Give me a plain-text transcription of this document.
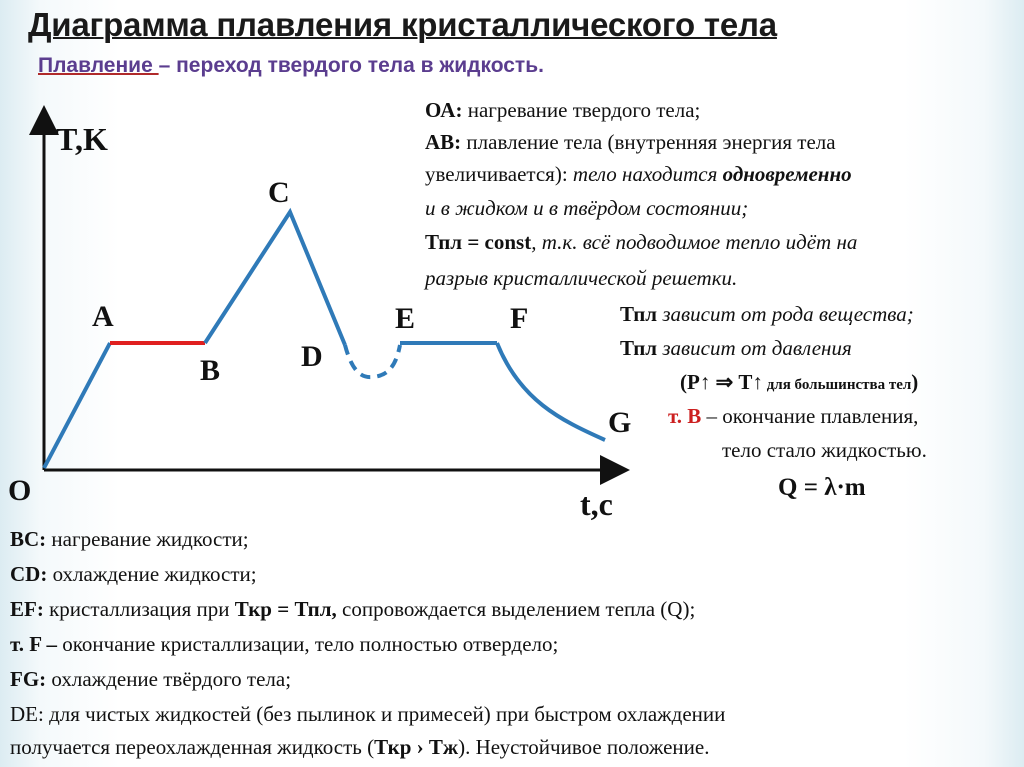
Диаграмма плавления кристаллического тела
Плавление – переход твердого тела в жидкость.
T,K
t,c
O
A
B
C
D
E	F
G
ОА: нагревание твердого тела;
АВ: плавление тела (внутренняя энергия тела
увеличивается): тело находится одновременно
и в жидком и в твёрдом состоянии;
Тпл = const, т.к. всё подводимое тепло идёт на
разрыв кристаллической решетки.
Тпл зависит от рода вещества;
Тпл зависит от давления
(Р↑ ⇒ Т↑ для большинства тел)
т. В – окончание плавления,
тело стало жидкостью.
Q = λ·m
ВС: нагревание жидкости;
CD: охлаждение жидкости;
EF: кристаллизация при Ткр = Тпл, сопровождается выделением тепла (Q);
т. F – окончание кристаллизации, тело полностью отвердело;
FG: охлаждение твёрдого тела;
DE: для чистых жидкостей (без пылинок и примесей) при быстром охлаждении
получается переохлажденная жидкость (Ткр › Тж). Неустойчивое положение.
